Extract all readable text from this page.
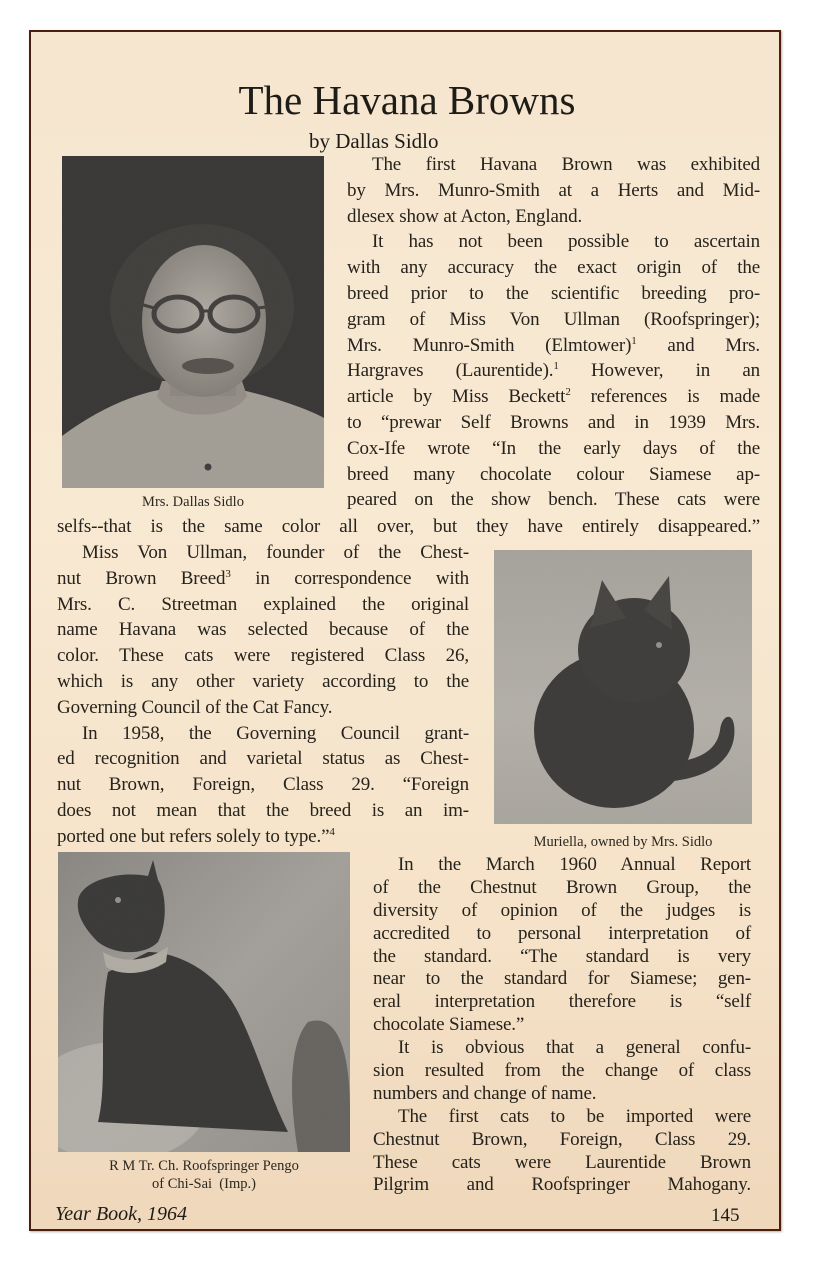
The Havana Browns
by Dallas Sidlo
Mrs. Dallas Sidlo

The first Havana Brown was exhibited

by Mrs. Munro-Smith at a Herts and Mid-

dlesex show at Acton, England.

It has not been possible to ascertain

with any accuracy the exact origin of the

breed prior to the scientific breeding pro-

gram of Miss Von Ullman (Roofspringer);

Mrs. Munro-Smith (Elmtower)$^1$ and Mrs.

Hargraves (Laurentide).$^1$ However, in an

article by Miss Beckett$^2$ references is made

to “prewar Self Browns and in 1939 Mrs.

Cox-Ife wrote “In the early days of the

breed many chocolate colour Siamese ap-

peared on the show bench. These cats were

selfs--that is the same color all over, but they have entirely disappeared.”

Miss Von Ullman, founder of the Chest-

nut Brown Breed$^3$ in correspondence with

Mrs. C. Streetman explained the original

name Havana was selected because of the

color. These cats were registered Class 26,

which is any other variety according to the

Governing Council of the Cat Fancy.

In 1958, the Governing Council grant-

ed recognition and varietal status as Chest-

nut Brown, Foreign, Class 29. “Foreign

does not mean that the breed is an im-

ported one but refers solely to type.”$^4$

Muriella, owned by Mrs. Sidlo
R M Tr. Ch. Roofspringer Pengo
of Chi-Sai  (Imp.)

In the March 1960 Annual Report

of the Chestnut Brown Group, the

diversity of opinion of the judges is

accredited to personal interpretation of

the standard. “The standard is very

near to the standard for Siamese; gen-

eral interpretation therefore is “self

chocolate Siamese.”

It is obvious that a general confu-

sion resulted from the change of class

numbers and change of name.

The first cats to be imported were

Chestnut Brown, Foreign, Class 29.

These cats were Laurentide Brown

Pilgrim and Roofspringer Mahogany.

Year Book, 1964	145
